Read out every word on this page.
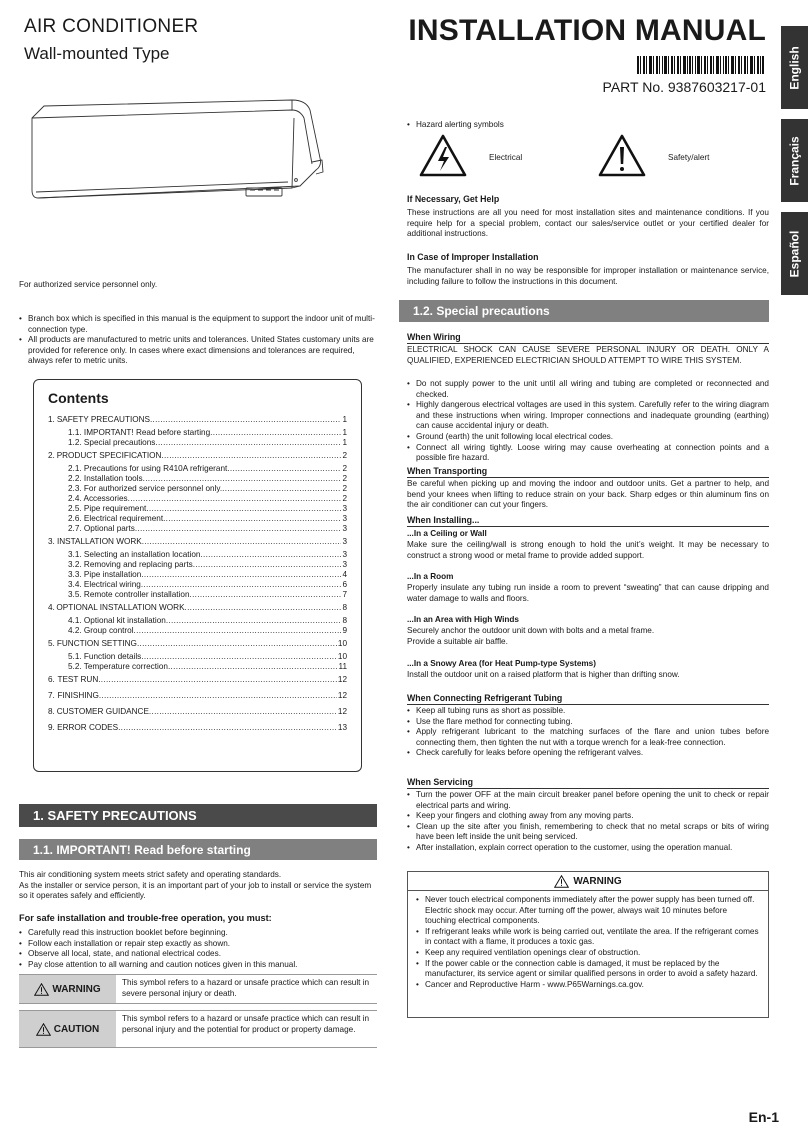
AIR CONDITIONER
Wall-mounted Type
INSTALLATION MANUAL
PART No. 9387603217-01 English
Français
Español

For authorized service personnel only.

• Branch box which is specified in this manual is the equipment to support the indoor unit of multi-connection type.
• All products are manufactured to metric units and tolerances. United States customary units are provided for reference only. In cases where exact dimensions and tolerances are required, always refer to metric units.
Contents
1. SAFETY PRECAUTIONS .....	1
1.1. IMPORTANT! Read before starting .....	1
1.2. Special precautions .....	1
2. PRODUCT SPECIFICATION .....	2
2.1. Precautions for using R410A refrigerant .....	2
2.2. Installation tools .....	2
2.3. For authorized service personnel only. .....	2
2.4. Accessories .....	2
2.5. Pipe requirement .....	3
2.6. Electrical requirement .....	3
2.7. Optional parts .....	3
3. INSTALLATION WORK .....	3
3.1. Selecting an installation location .....	3
3.2. Removing and replacing parts .....	3
3.3. Pipe installation .....	4
3.4. Electrical wiring .....	6
3.5. Remote controller installation .....	7
4. OPTIONAL INSTALLATION WORK .....	8
4.1. Optional kit installation .....	8
4.2. Group control .....	9
5. FUNCTION SETTING .....	10
5.1. Function details .....	10
5.2. Temperature correction .....	11
6. TEST RUN .....	12
7. FINISHING .....	12
8. CUSTOMER GUIDANCE .....	12
9. ERROR CODES .....	13
1. SAFETY PRECAUTIONS
1.1. IMPORTANT! Read before starting

This air conditioning system meets strict safety and operating standards.

As the installer or service person, it is an important part of your job to install or service the system so it operates safely and efficiently.

For safe installation and trouble-free operation, you must:
• Carefully read this instruction booklet before beginning.
• Follow each installation or repair step exactly as shown.
• Observe all local, state, and national electrical codes.
• Pay close attention to all warning and caution notices given in this manual.
WARNING
This symbol refers to a hazard or unsafe practice which can result in severe personal injury or death.
CAUTION
This symbol refers to a hazard or unsafe practice which can result in personal injury and the potential for product or property damage.
• Hazard alerting symbols
Electrical	Safety/alert
If Necessary, Get Help

These instructions are all you need for most installation sites and maintenance conditions. If you require help for a special problem, contact our sales/service outlet or your certified dealer for additional instructions.

In Case of Improper Installation

The manufacturer shall in no way be responsible for improper installation or maintenance service, including failure to follow the instructions in this document.

1.2. Special precautions
When Wiring

ELECTRICAL SHOCK CAN CAUSE SEVERE PERSONAL INJURY OR DEATH. ONLY A QUALIFIED, EXPERIENCED ELECTRICIAN SHOULD ATTEMPT TO WIRE THIS SYSTEM.

• Do not supply power to the unit until all wiring and tubing are completed or reconnected and checked.
• Highly dangerous electrical voltages are used in this system. Carefully refer to the wiring diagram and these instructions when wiring. Improper connections and inadequate grounding (earthing) can cause accidental injury or death.
• Ground (earth) the unit following local electrical codes.
• Connect all wiring tightly. Loose wiring may cause overheating at connection points and a possible fire hazard.
When Transporting

Be careful when picking up and moving the indoor and outdoor units. Get a partner to help, and bend your knees when lifting to reduce strain on your back. Sharp edges or thin aluminum fins on the air conditioner can cut your fingers.

When Installing...
...In a Ceiling or Wall

Make sure the ceiling/wall is strong enough to hold the unit’s weight. It may be necessary to construct a strong wood or metal frame to provide added support.

...In a Room

Properly insulate any tubing run inside a room to prevent “sweating” that can cause dripping and water damage to walls and floors.

...In an Area with High Winds

Securely anchor the outdoor unit down with bolts and a metal frame.

Provide a suitable air baffle.

...In a Snowy Area (for Heat Pump-type Systems)

Install the outdoor unit on a raised platform that is higher than drifting snow.

When Connecting Refrigerant Tubing
• Keep all tubing runs as short as possible.
• Use the flare method for connecting tubing.
• Apply refrigerant lubricant to the matching surfaces of the flare and union tubes before connecting them, then tighten the nut with a torque wrench for a leak-free connection.
• Check carefully for leaks before opening the refrigerant valves.
When Servicing
• Turn the power OFF at the main circuit breaker panel before opening the unit to check or repair electrical parts and wiring.
• Keep your fingers and clothing away from any moving parts.
• Clean up the site after you finish, remembering to check that no metal scraps or bits of wiring have been left inside the unit being serviced.
• After installation, explain correct operation to the customer, using the operation manual.
WARNING
• Never touch electrical components immediately after the power supply has been turned off. Electric shock may occur. After turning off the power, always wait 10 minutes before touching electrical components.
• If refrigerant leaks while work is being carried out, ventilate the area. If the refrigerant comes in contact with a flame, it produces a toxic gas.
• Keep any required ventilation openings clear of obstruction.
• If the power cable or the connection cable is damaged, it must be replaced by the manufacturer, its service agent or similar qualified persons in order to avoid a safety hazard.
• Cancer and Reproductive Harm - www.P65Warnings.ca.gov.
En-1
